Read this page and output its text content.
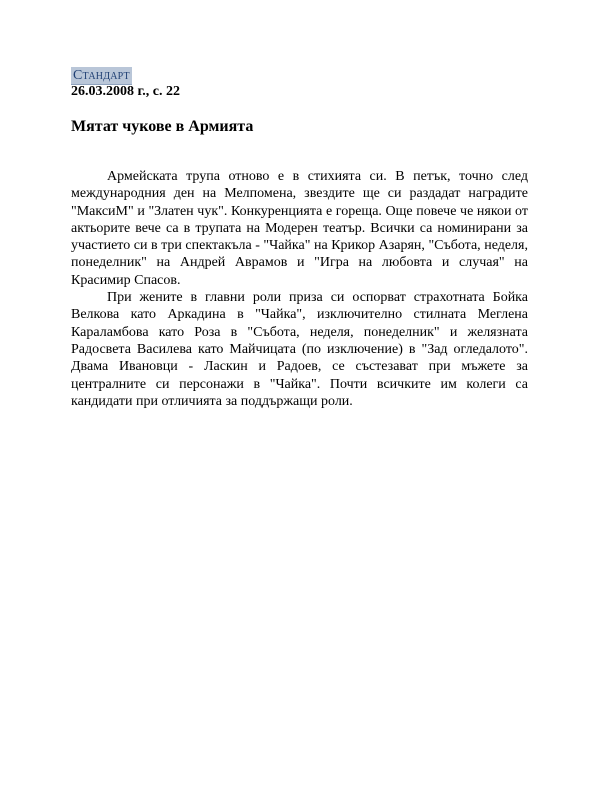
Стандарт
26.03.2008 г., с. 22
Мятат чукове в Армията

Армейската трупа отново е в стихията си. В петък, точно след международния ден на Мелпомена, звездите ще си раздадат наградите "МаксиМ" и "Златен чук". Конкуренцията е гореща. Още повече че някои от актьорите вече са в трупата на Модерен театър. Всички са номинирани за участието си в три спектакъла - "Чайка" на Крикор Азарян, "Събота, неделя, понеделник" на Андрей Аврамов и "Игра на любовта и случая" на Красимир Спасов.

При жените в главни роли приза си оспорват страхотната Бойка Велкова като Аркадина в "Чайка", изключително стилната Меглена Караламбова като Роза в "Събота, неделя, понеделник" и желязната Радосвета Василева като Майчицата (по изключение) в "Зад огледалото". Двама Ивановци - Ласкин и Радоев, се състезават при мъжете за централните си персонажи в "Чайка". Почти всичките им колеги са кандидати при отличията за поддържащи роли.
